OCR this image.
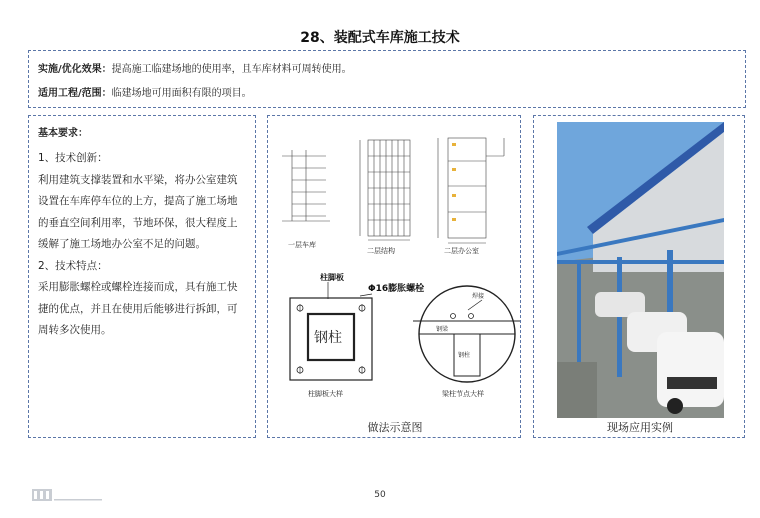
28、装配式车库施工技术
实施/优化效果：提高施工临建场地的使用率，且车库材料可周转使用。
适用工程/范围：临建场地可用面积有限的项目。
基本要求：

1、技术创新：

利用建筑支撑装置和水平梁，将办公室建筑设置在车库停车位的上方，提高了施工场地的垂直空间利用率，节地环保，很大程度上缓解了施工场地办公室不足的问题。

2、技术特点：

采用膨胀螺栓或螺栓连接而成，具有施工快捷的优点，并且在使用后能够进行拆卸，可周转多次使用。

一层车库
二层结构	二层办公室
柱脚板
Φ16膨胀螺栓
钢柱
柱脚板大样
钢梁
焊接
钢柱
梁柱节点大样
做法示意图	现场应用实例
50
